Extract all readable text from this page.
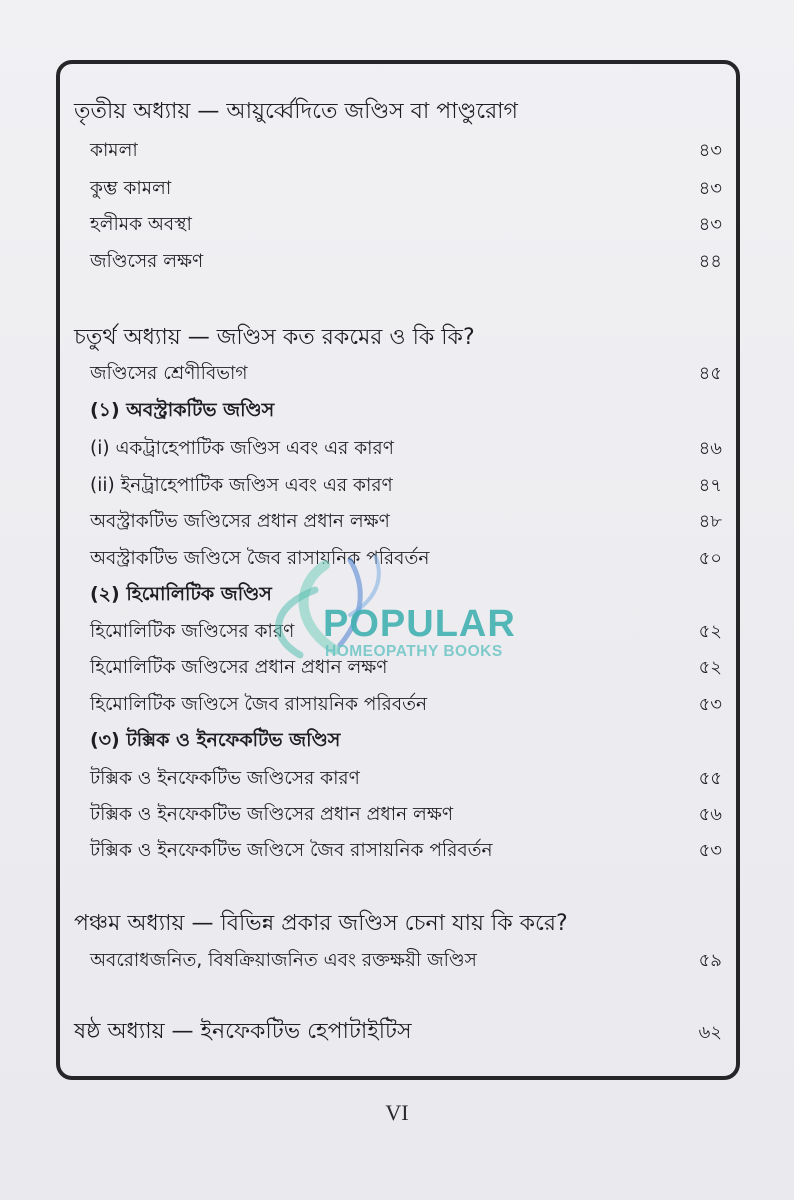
তৃতীয় অধ্যায় — আয়ুর্ব্বেদিতে জণ্ডিস বা পাণ্ডুরোগ
কামলা	৪৩
কুম্ভ কামলা	৪৩
হলীমক অবস্থা	৪৩
জণ্ডিসের লক্ষণ	৪৪
চতুর্থ অধ্যায় — জণ্ডিস কত রকমের ও কি কি?
জণ্ডিসের শ্রেণীবিভাগ	৪৫
(১) অবস্ট্রাকটিভ জণ্ডিস
(i) একট্রাহেপাটিক জণ্ডিস এবং এর কারণ	৪৬
(ii) ইনট্রাহেপাটিক জণ্ডিস এবং এর কারণ	৪৭
অবস্ট্রাকটিভ জণ্ডিসের প্রধান প্রধান লক্ষণ	৪৮
অবস্ট্রাকটিভ জণ্ডিসে জৈব রাসায়নিক পরিবর্তন	৫০
(২) হিমোলিটিক জণ্ডিস
হিমোলিটিক জণ্ডিসের কারণ	৫২
হিমোলিটিক জণ্ডিসের প্রধান প্রধান লক্ষণ	৫২
হিমোলিটিক জণ্ডিসে জৈব রাসায়নিক পরিবর্তন	৫৩
(৩) টক্সিক ও ইনফেকটিভ জণ্ডিস
টক্সিক ও ইনফেকটিভ জণ্ডিসের কারণ	৫৫
টক্সিক ও ইনফেকটিভ জণ্ডিসের প্রধান প্রধান লক্ষণ	৫৬
টক্সিক ও ইনফেকটিভ জণ্ডিসে জৈব রাসায়নিক পরিবর্তন	৫৩
পঞ্চম অধ্যায় — বিভিন্ন প্রকার জণ্ডিস চেনা যায় কি করে?
অবরোধজনিত, বিষক্রিয়াজনিত এবং রক্তক্ষয়ী জণ্ডিস	৫৯
ষষ্ঠ অধ্যায় — ইনফেকটিভ হেপাটাইটিস	৬২
POPULAR
HOMEOPATHY BOOKS
VI
